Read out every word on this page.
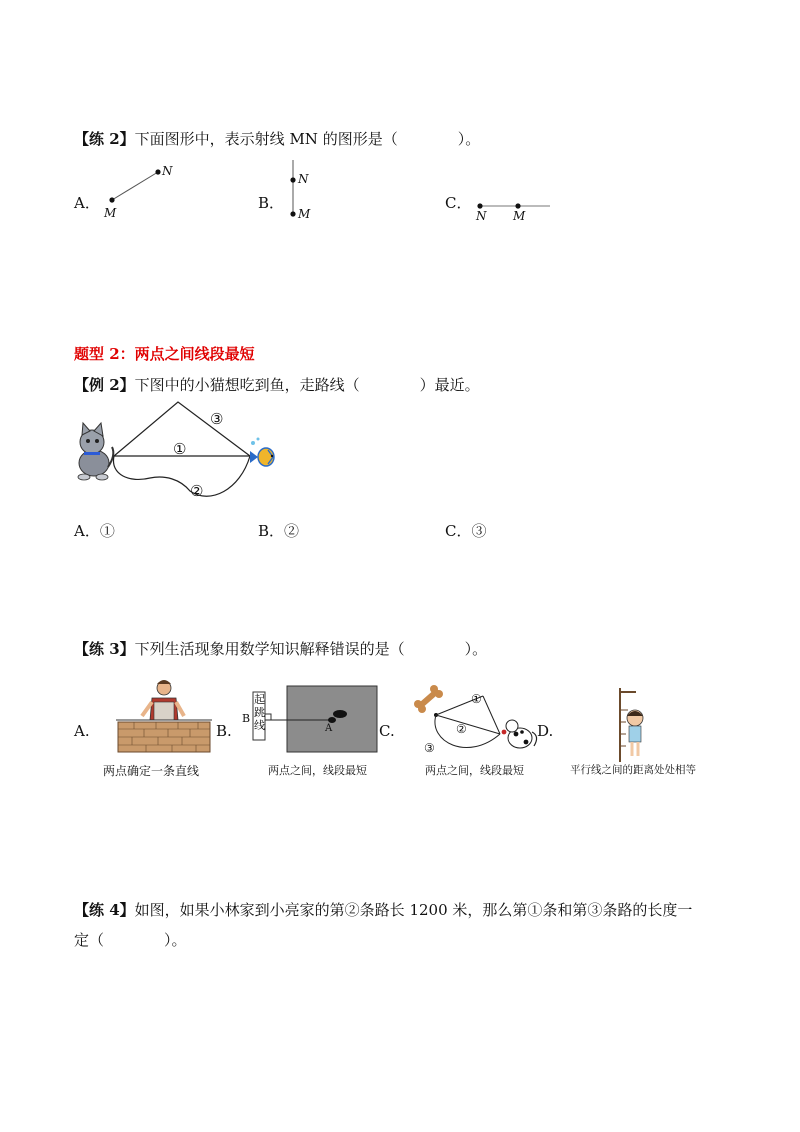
【练 2】下面图形中，表示射线 MN 的图形是（　　　　）。
A．
M
N
B．
N
M
C．
N M
题型 2：两点之间线段最短
【例 2】下图中的小猫想吃到鱼，走路线（　　　　）最近。
①
②
③
A．①	B．②	C．③
【练 3】下列生活现象用数学知识解释错误的是（　　　　）。
A.
两点确定一条直线
B.
起跳线
B
A
两点之间，线段最短
C.
①
②
③
两点之间，线段最短
D.
平行线之间的距离处处相等
【练 4】如图，如果小林家到小亮家的第②条路长 1200 米，那么第①条和第③条路的长度一
定（　　　　）。
